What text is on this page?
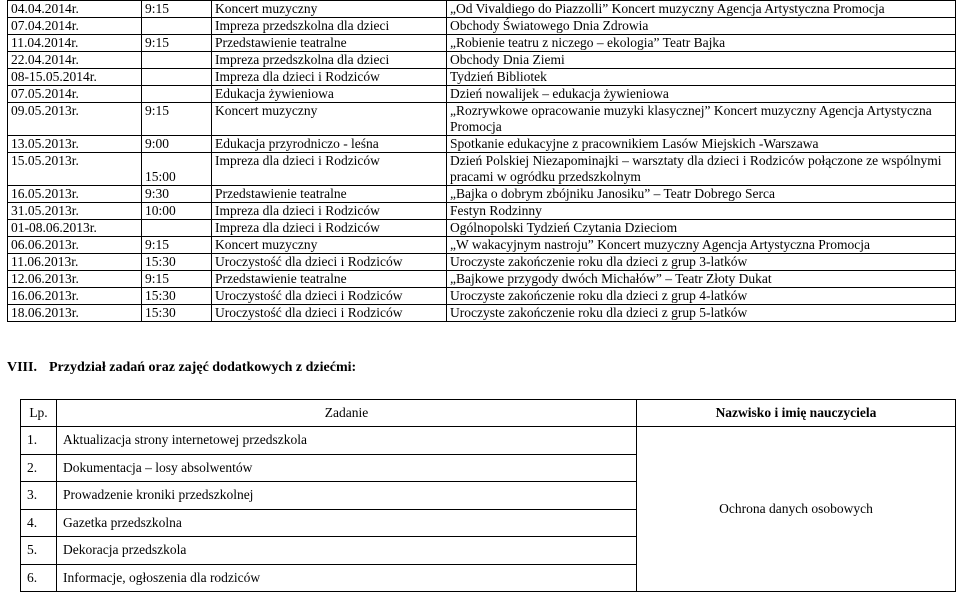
04.04.2014r.	9:15	Koncert muzyczny	„Od Vivaldiego do Piazzolli” Koncert muzyczny Agencja Artystyczna Promocja
07.04.2014r.		Impreza przedszkolna dla dzieci	Obchody Światowego Dnia Zdrowia
11.04.2014r.	9:15	Przedstawienie teatralne	„Robienie teatru z niczego – ekologia” Teatr Bajka
22.04.2014r.		Impreza przedszkolna dla dzieci	Obchody Dnia Ziemi
08-15.05.2014r.		Impreza dla dzieci i Rodziców	Tydzień Bibliotek
07.05.2014r.		Edukacja żywieniowa	Dzień nowalijek – edukacja żywieniowa
09.05.2013r.	9:15	Koncert muzyczny	„Rozrywkowe opracowanie muzyki klasycznej” Koncert muzyczny Agencja Artystyczna Promocja
13.05.2013r.	9:00	Edukacja przyrodniczo - leśna	Spotkanie edukacyjne z pracownikiem Lasów Miejskich -Warszawa
15.05.2013r.	15:00	Impreza dla dzieci i Rodziców	Dzień Polskiej Niezapominajki – warsztaty dla dzieci i Rodziców połączone ze wspólnymi pracami w ogródku przedszkolnym
16.05.2013r.	9:30	Przedstawienie teatralne	„Bajka o dobrym zbójniku Janosiku” – Teatr Dobrego Serca
31.05.2013r.	10:00	Impreza dla dzieci i Rodziców	Festyn Rodzinny
01-08.06.2013r.		Impreza dla dzieci i Rodziców	Ogólnopolski Tydzień Czytania Dzieciom
06.06.2013r.	9:15	Koncert muzyczny	„W wakacyjnym nastroju” Koncert muzyczny Agencja Artystyczna Promocja
11.06.2013r.	15:30	Uroczystość dla dzieci i Rodziców	Uroczyste zakończenie roku dla dzieci z grup 3-latków
12.06.2013r.	9:15	Przedstawienie teatralne	„Bajkowe przygody dwóch Michałów” – Teatr Złoty Dukat
16.06.2013r.	15:30	Uroczystość dla dzieci i Rodziców	Uroczyste zakończenie roku dla dzieci z grup 4-latków
18.06.2013r.	15:30	Uroczystość dla dzieci i Rodziców	Uroczyste zakończenie roku dla dzieci z grup 5-latków
VIII. Przydział zadań oraz zajęć dodatkowych z dziećmi:
Lp.	Zadanie	Nazwisko i imię nauczyciela
1.	Aktualizacja strony internetowej przedszkola	Ochrona danych osobowych
2.	Dokumentacja – losy absolwentów	
3.	Prowadzenie kroniki przedszkolnej	
4.	Gazetka przedszkolna	
5.	Dekoracja przedszkola	
6.	Informacje, ogłoszenia dla rodziców	
